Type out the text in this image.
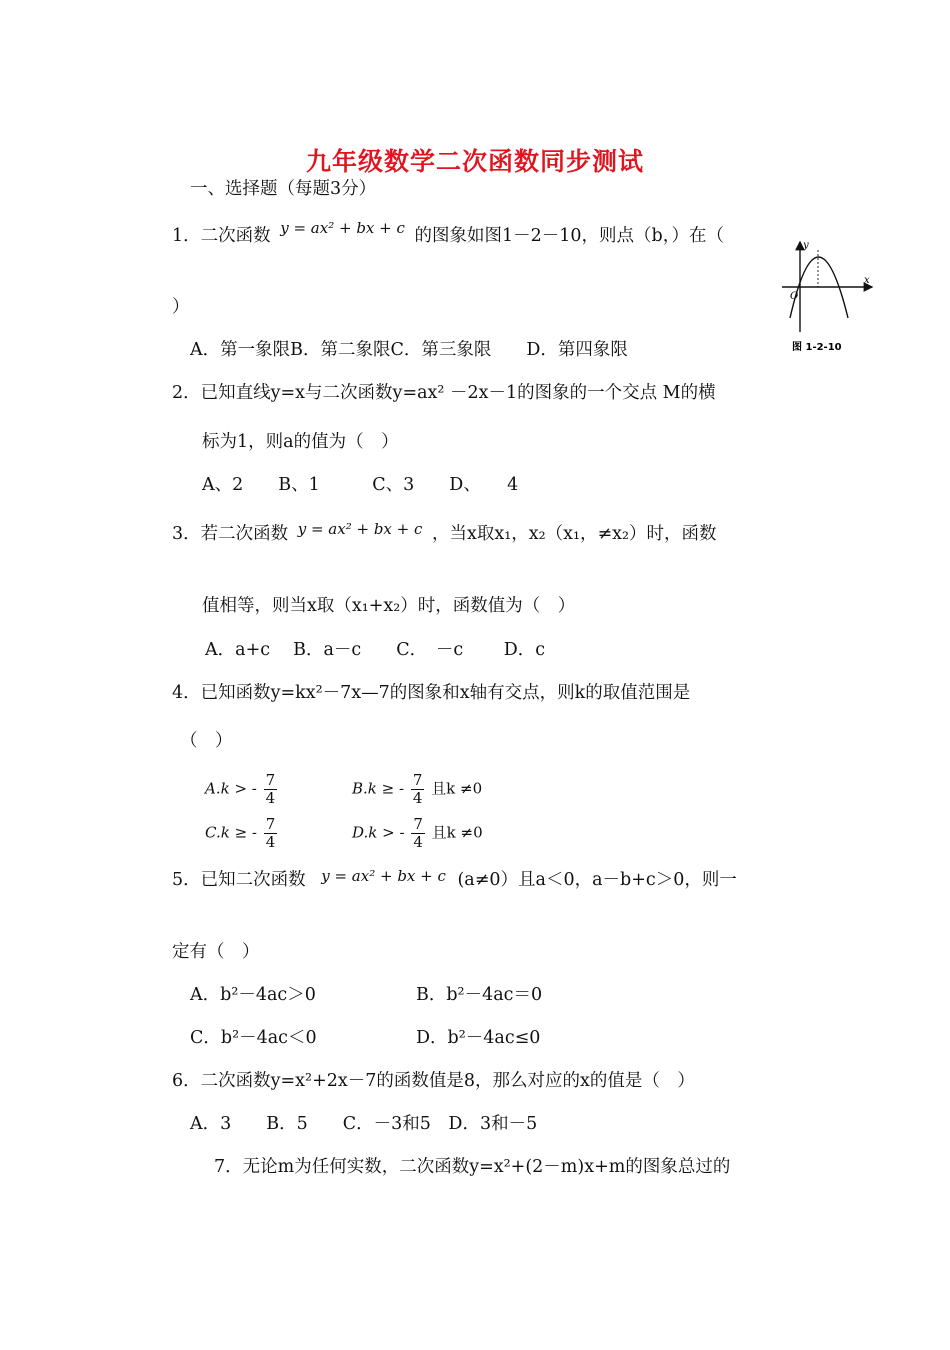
九年级数学二次函数同步测试
一、选择题（每题3分）
1．二次函数 y = ax² + bx + c 的图象如图1－2－10，则点（b，）在（
）
A．第一象限B．第二象限C．第三象限　　D．第四象限
y
x
O
图 1-2-10
2．已知直线y=x与二次函数y=ax² －2x－1的图象的一个交点 M的横
标为1，则a的值为（　）
A、2　　B、1　　　C、3　　D、　　4
3．若二次函数 y = ax² + bx + c ，当x取x₁，x₂（x₁，≠x₂）时，函数
值相等，则当x取（x₁+x₂）时，函数值为（　）
A．a+c　 B．a－c　　C．　－c　　 D．c
4．已知函数y=kx²－7x—7的图象和x轴有交点，则k的取值范围是
（　）
A.k > - $\frac{7}{4}$	B.k ≥ - $\frac{7}{4}$ 且k ≠0
C.k ≥ - $\frac{7}{4}$	D.k > - $\frac{7}{4}$ 且k ≠0
5．已知二次函数 y = ax² + bx + c (a≠0）且a＜0，a－b+c＞0，则一
定有（　）
A．b²－4ac＞0	B．b²－4ac＝0
C．b²－4ac＜0	D．b²－4ac≤0
6．二次函数y=x²+2x－7的函数值是8，那么对应的x的值是（　）
A．3　　B．5　　C．－3和5　D．3和－5
7．无论m为任何实数，二次函数y=x²+(2－m)x+m的图象总过的
